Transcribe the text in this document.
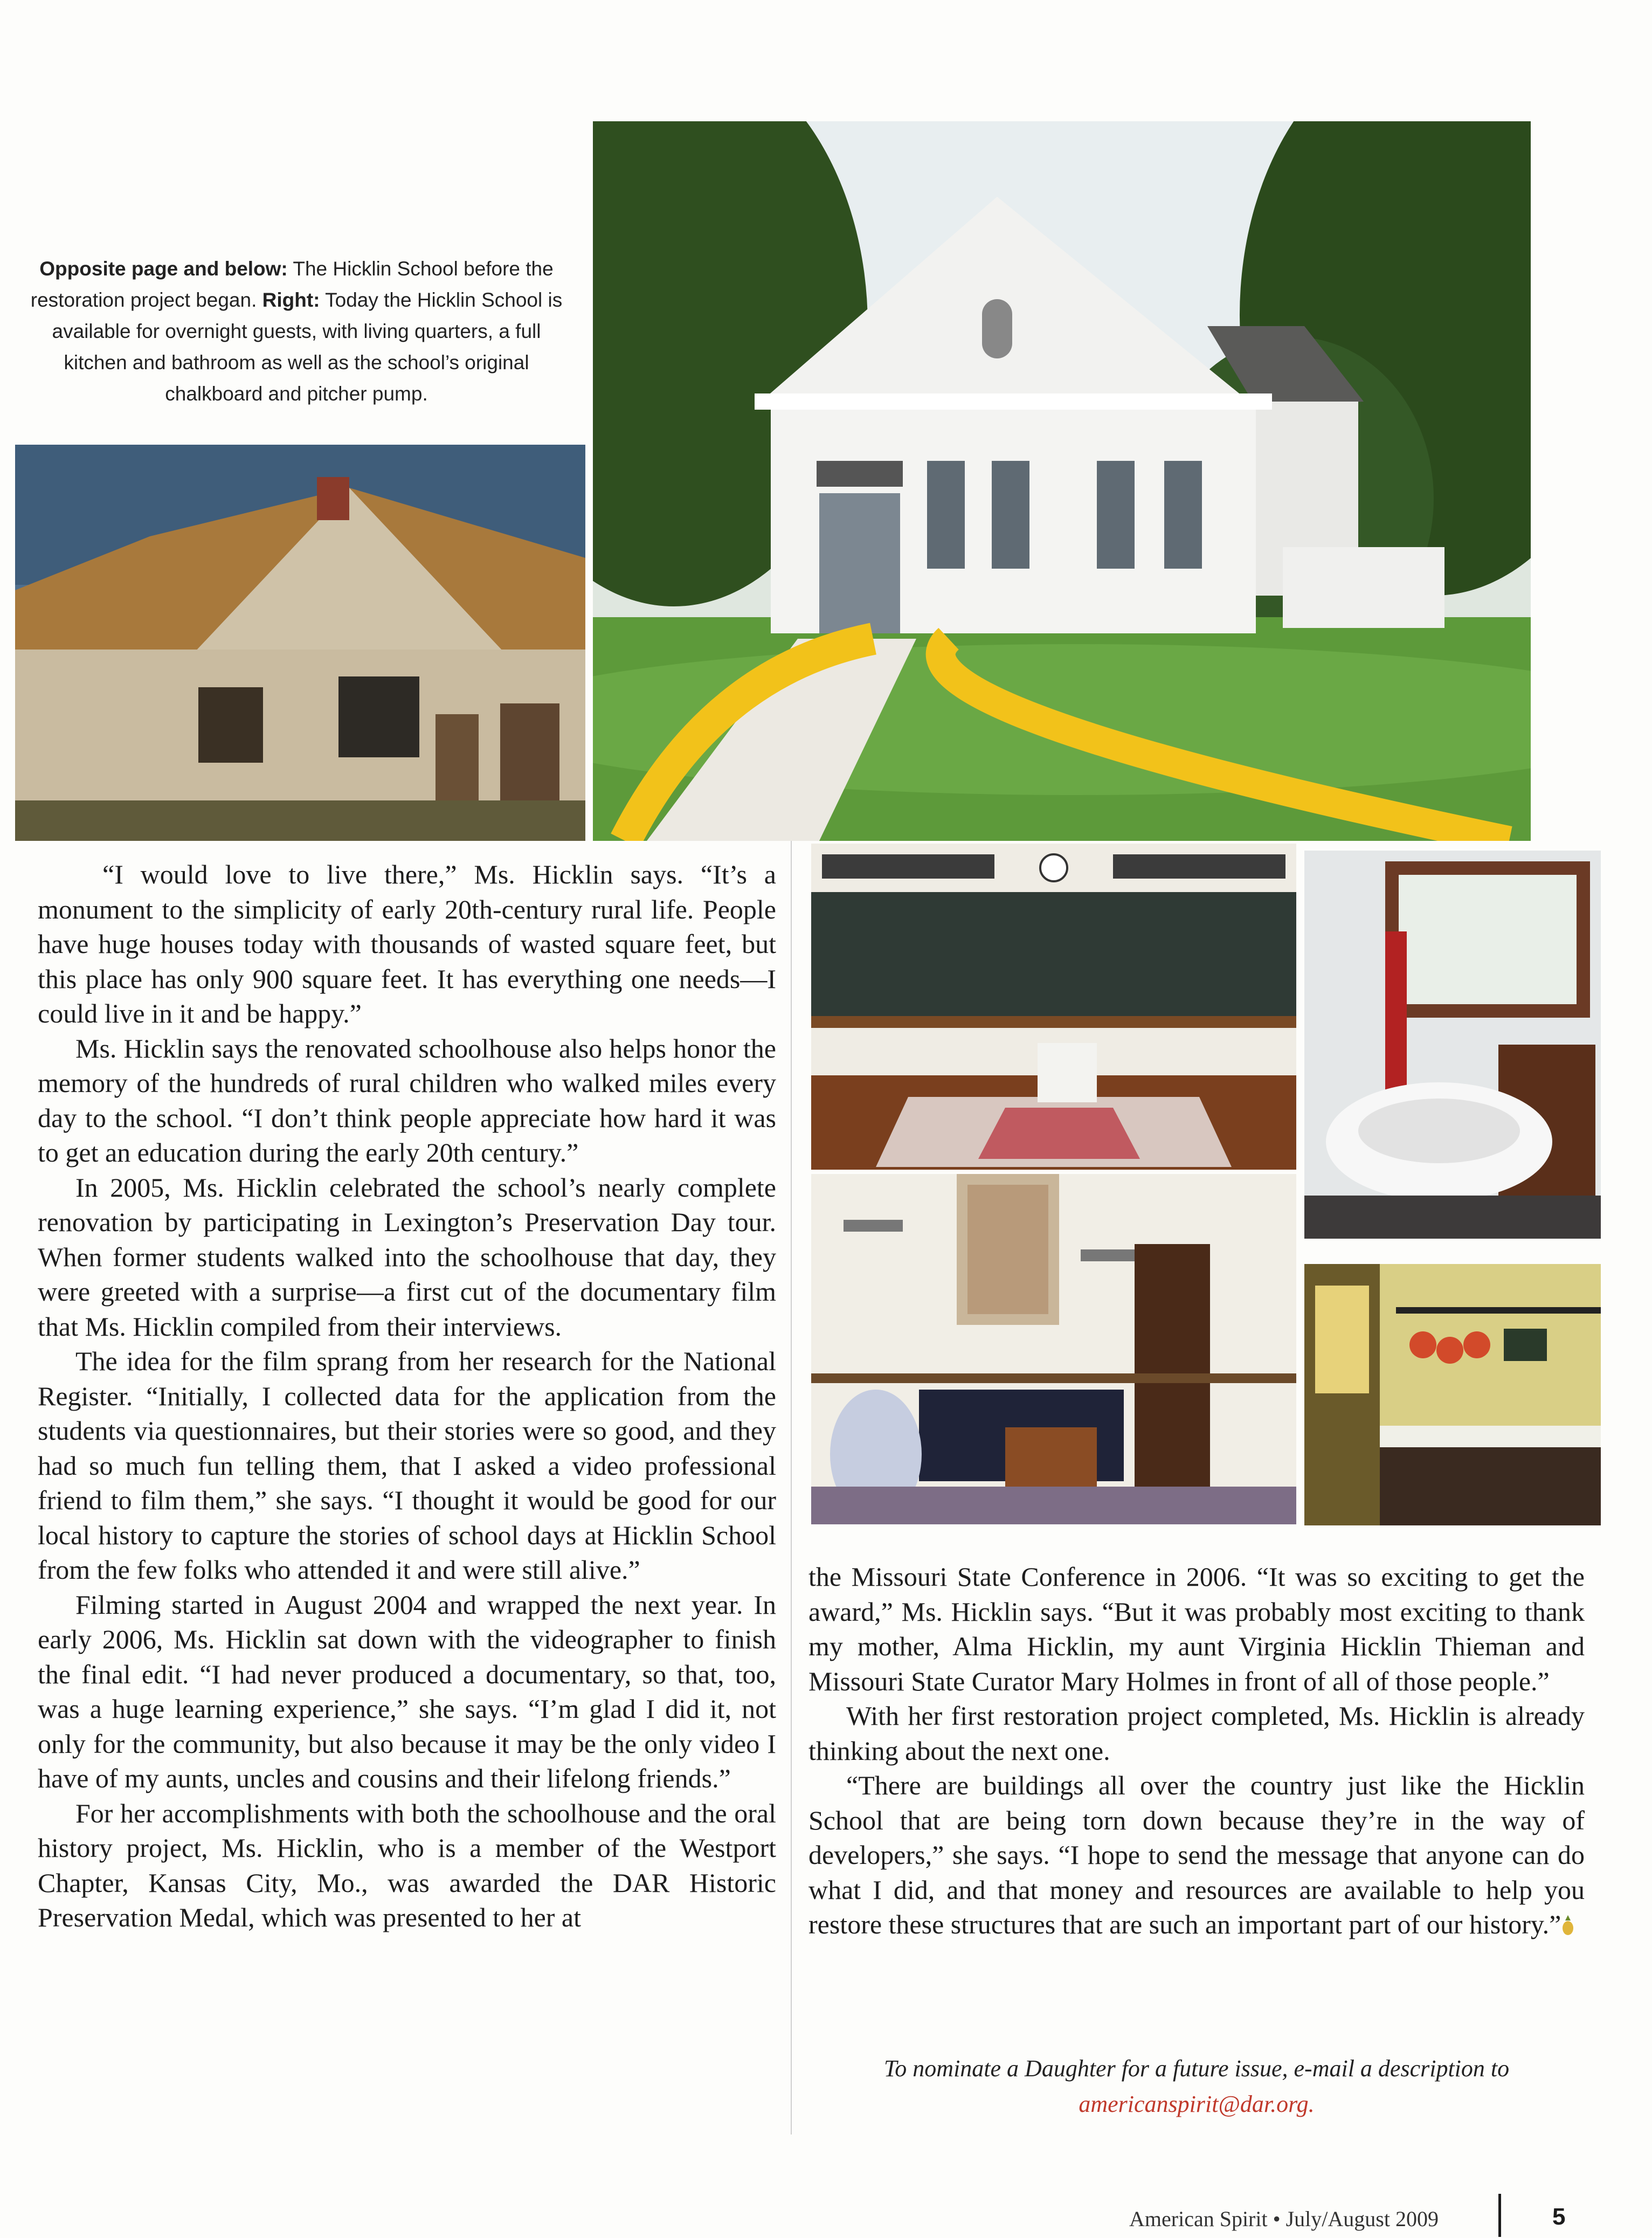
Opposite page and below: The Hicklin School before the restoration project began. Right: Today the Hicklin School is available for overnight guests, with living quarters, a full kitchen and bathroom as well as the school’s original chalkboard and pitcher pump.

“I would love to live there,” Ms. Hicklin says. “It’s a monument to the simplicity of early 20th-century rural life. People have huge houses today with thousands of wasted square feet, but this place has only 900 square feet. It has everything one needs—I could live in it and be happy.”

Ms. Hicklin says the renovated schoolhouse also helps honor the memory of the hundreds of rural children who walked miles every day to the school. “I don’t think people appreciate how hard it was to get an education during the early 20th century.”

In 2005, Ms. Hicklin celebrated the school’s nearly complete renovation by participating in Lexington’s Preservation Day tour. When former students walked into the schoolhouse that day, they were greeted with a surprise—a first cut of the documentary film that Ms. Hicklin compiled from their interviews.

The idea for the film sprang from her research for the National Register. “Initially, I collected data for the application from the students via questionnaires, but their stories were so good, and they had so much fun telling them, that I asked a video professional friend to film them,” she says. “I thought it would be good for our local history to capture the stories of school days at Hicklin School from the few folks who attended it and were still alive.”

Filming started in August 2004 and wrapped the next year. In early 2006, Ms. Hicklin sat down with the videographer to finish the final edit. “I had never produced a documentary, so that, too, was a huge learning experience,” she says. “I’m glad I did it, not only for the community, but also because it may be the only video I have of my aunts, uncles and cousins and their lifelong friends.”

For her accomplishments with both the schoolhouse and the oral history project, Ms. Hicklin, who is a member of the Westport Chapter, Kansas City, Mo., was awarded the DAR Historic Preservation Medal, which was presented to her at

the Missouri State Conference in 2006. “It was so exciting to get the award,” Ms. Hicklin says. “But it was probably most exciting to thank my mother, Alma Hicklin, my aunt Virginia Hicklin Thieman and Missouri State Curator Mary Holmes in front of all of those people.”

With her first restoration project completed, Ms. Hicklin is already thinking about the next one.

“There are buildings all over the country just like the Hicklin School that are being torn down because they’re in the way of developers,” she says. “I hope to send the message that anyone can do what I did, and that money and resources are available to help you restore these structures that are such an important part of our history.”

To nominate a Daughter for a future issue, e-mail a description to
americanspirit@dar.org.
American Spirit • July/August 2009	5
